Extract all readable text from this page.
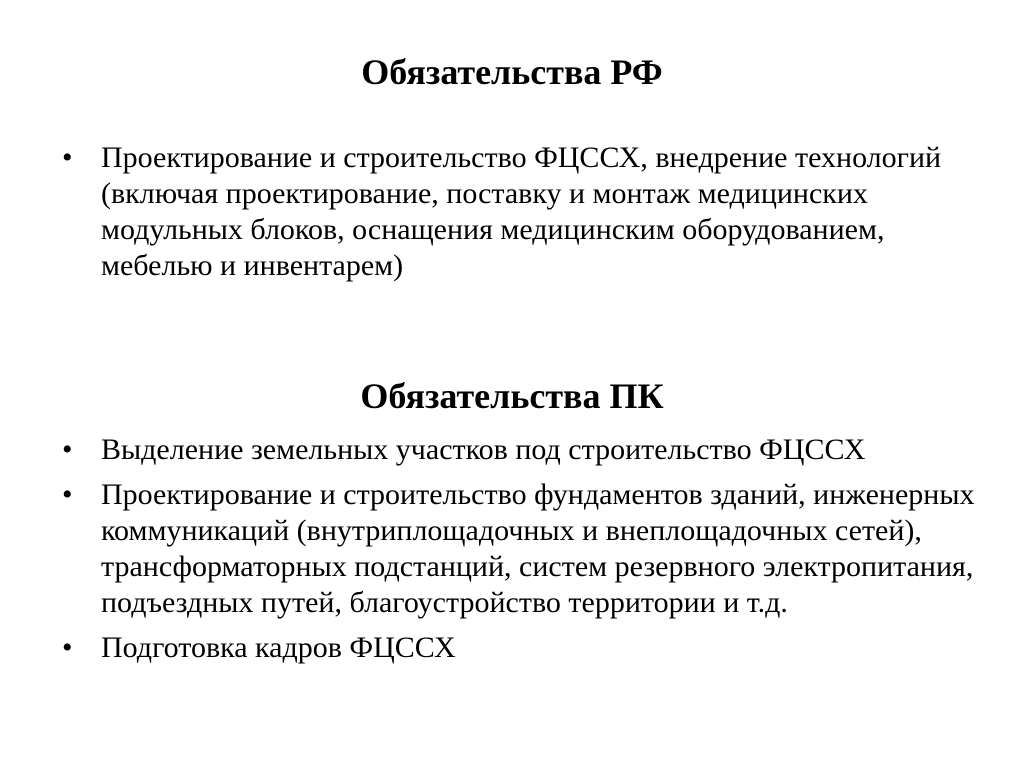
Обязательства РФ
• Проектирование и строительство ФЦССХ, внедрение технологий (включая проектирование, поставку и монтаж медицинских модульных блоков, оснащения медицинским оборудованием, мебелью и инвентарем)
Обязательства ПК
• Выделение земельных участков под строительство ФЦССХ
• Проектирование и строительство фундаментов зданий, инженерных коммуникаций (внутриплощадочных и внеплощадочных сетей), трансформаторных подстанций, систем резервного электропитания, подъездных путей, благоустройство территории и т.д.
• Подготовка кадров ФЦССХ
